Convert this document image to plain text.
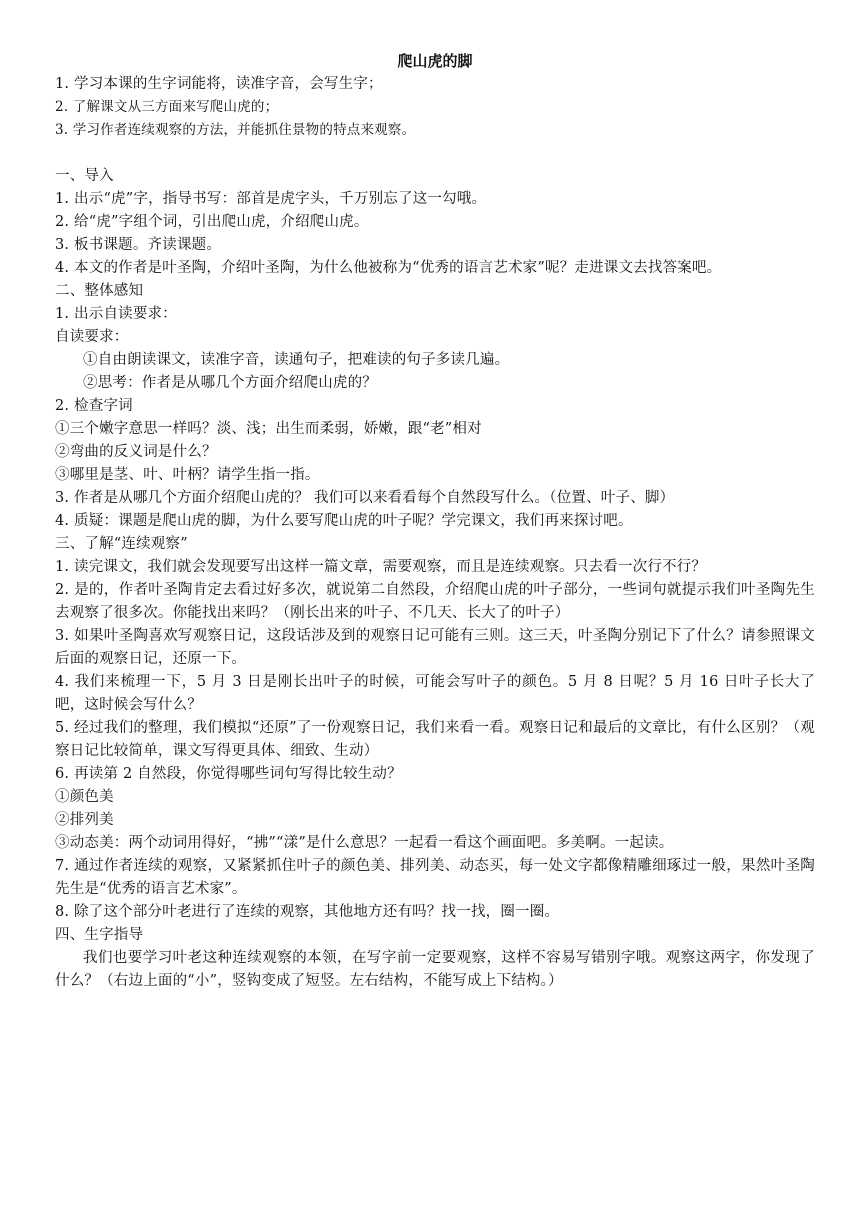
爬山虎的脚

1. 学习本课的生字词能将，读准字音，会写生字；

2. 了解课文从三方面来写爬山虎的；

3. 学习作者连续观察的方法，并能抓住景物的特点来观察。

一、导入

1. 出示“虎”字，指导书写：部首是虎字头，千万别忘了这一勾哦。

2. 给“虎”字组个词，引出爬山虎，介绍爬山虎。

3. 板书课题。齐读课题。

4. 本文的作者是叶圣陶，介绍叶圣陶，为什么他被称为“优秀的语言艺术家”呢？走进课文去找答案吧。

二、整体感知

1. 出示自读要求：

自读要求：

①自由朗读课文，读准字音，读通句子，把难读的句子多读几遍。

②思考：作者是从哪几个方面介绍爬山虎的？

2. 检查字词

①三个嫩字意思一样吗？淡、浅；出生而柔弱，娇嫩，跟“老”相对

②弯曲的反义词是什么？

③哪里是茎、叶、叶柄？请学生指一指。

3. 作者是从哪几个方面介绍爬山虎的？ 我们可以来看看每个自然段写什么。（位置、叶子、脚）

4. 质疑：课题是爬山虎的脚，为什么要写爬山虎的叶子呢？学完课文，我们再来探讨吧。

三、了解“连续观察”

1. 读完课文，我们就会发现要写出这样一篇文章，需要观察，而且是连续观察。只去看一次行不行？

2. 是的，作者叶圣陶肯定去看过好多次，就说第二自然段，介绍爬山虎的叶子部分，一些词句就提示我们叶圣陶先生去观察了很多次。你能找出来吗？（刚长出来的叶子、不几天、长大了的叶子）

3. 如果叶圣陶喜欢写观察日记，这段话涉及到的观察日记可能有三则。这三天，叶圣陶分别记下了什么？请参照课文后面的观察日记，还原一下。

4. 我们来梳理一下，5 月 3 日是刚长出叶子的时候，可能会写叶子的颜色。5 月 8 日呢？5 月 16 日叶子长大了吧，这时候会写什么？

5. 经过我们的整理，我们模拟“还原”了一份观察日记，我们来看一看。观察日记和最后的文章比，有什么区别？（观察日记比较简单，课文写得更具体、细致、生动）

6. 再读第 2 自然段，你觉得哪些词句写得比较生动？

①颜色美

②排列美

③动态美：两个动词用得好，“拂”“漾”是什么意思？一起看一看这个画面吧。多美啊。一起读。

7. 通过作者连续的观察，又紧紧抓住叶子的颜色美、排列美、动态买，每一处文字都像精雕细琢过一般，果然叶圣陶先生是“优秀的语言艺术家”。

8. 除了这个部分叶老进行了连续的观察，其他地方还有吗？找一找，圈一圈。

四、生字指导

我们也要学习叶老这种连续观察的本领，在写字前一定要观察，这样不容易写错别字哦。观察这两字，你发现了什么？（右边上面的“小”，竖钩变成了短竖。左右结构，不能写成上下结构。）
